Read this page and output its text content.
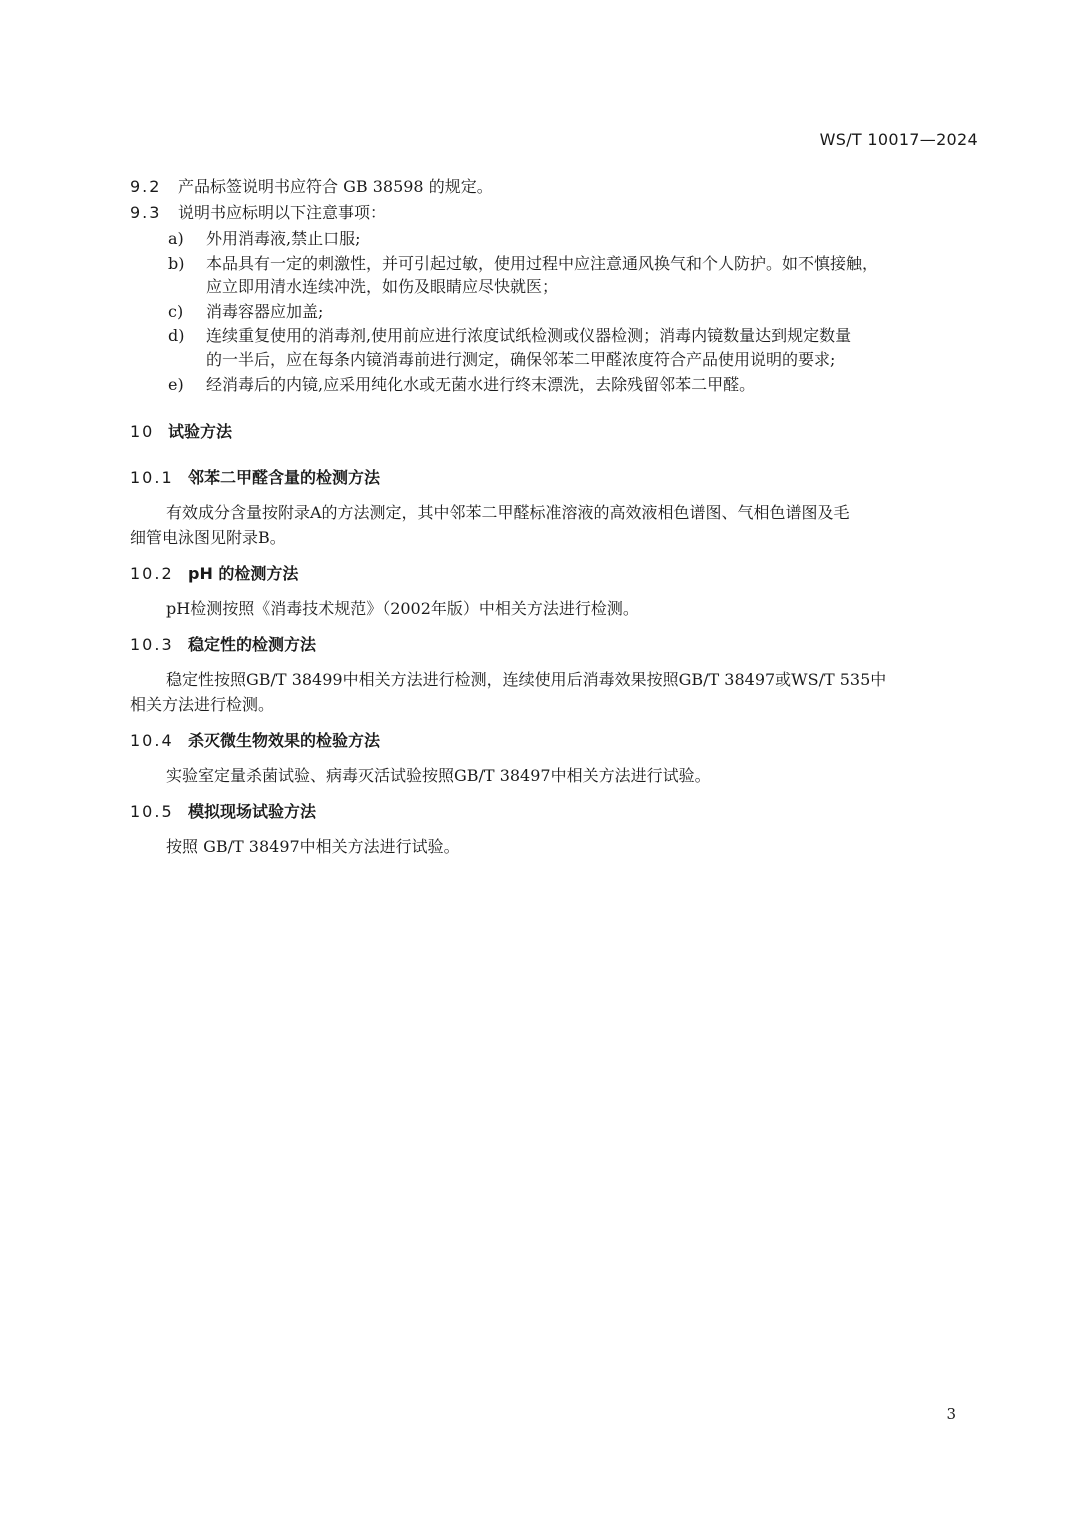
WS/T 10017—2024
9.2 产品标签说明书应符合 GB 38598 的规定。
9.3 说明书应标明以下注意事项：
a) 外用消毒液,禁止口服;
b) 本品具有一定的刺激性，并可引起过敏，使用过程中应注意通风换气和个人防护。如不慎接触，
应立即用清水连续冲洗，如伤及眼睛应尽快就医；
c) 消毒容器应加盖;
d) 连续重复使用的消毒剂,使用前应进行浓度试纸检测或仪器检测；消毒内镜数量达到规定数量
的一半后，应在每条内镜消毒前进行测定，确保邻苯二甲醛浓度符合产品使用说明的要求;
e) 经消毒后的内镜,应采用纯化水或无菌水进行终末漂洗，去除残留邻苯二甲醛。
10 试验方法
10.1 邻苯二甲醛含量的检测方法
有效成分含量按附录A的方法测定，其中邻苯二甲醛标准溶液的高效液相色谱图、气相色谱图及毛
细管电泳图见附录B。
10.2 pH 的检测方法
pH检测按照《消毒技术规范》（2002年版）中相关方法进行检测。
10.3 稳定性的检测方法
稳定性按照GB/T 38499中相关方法进行检测，连续使用后消毒效果按照GB/T 38497或WS/T 535中
相关方法进行检测。
10.4 杀灭微生物效果的检验方法
实验室定量杀菌试验、病毒灭活试验按照GB/T 38497中相关方法进行试验。
10.5 模拟现场试验方法
按照 GB/T 38497中相关方法进行试验。
3
